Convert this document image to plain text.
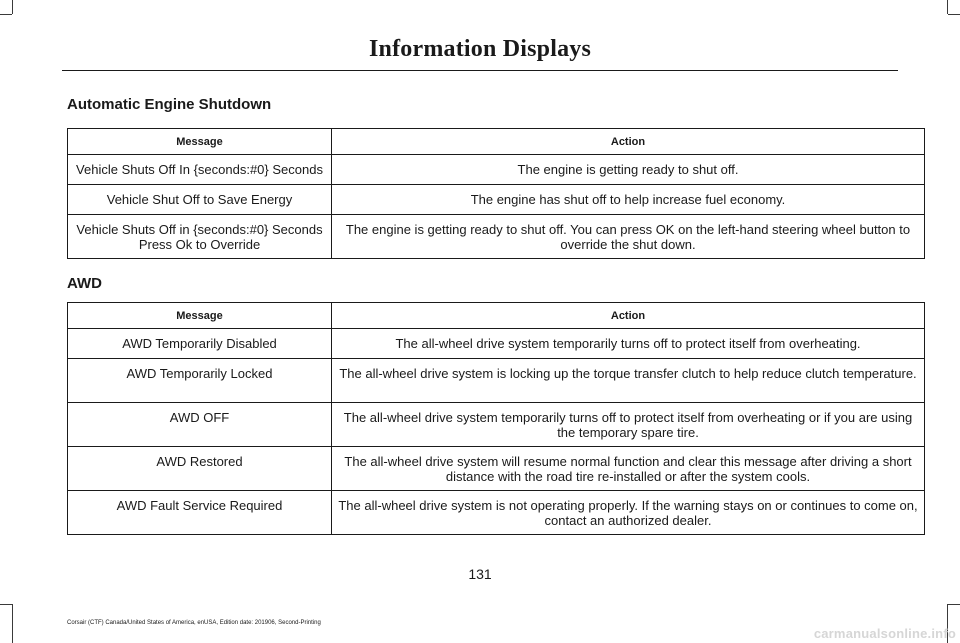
Information Displays
Automatic Engine Shutdown
Message	Action
Vehicle Shuts Off In {seconds:#0} Seconds	The engine is getting ready to shut off.
Vehicle Shut Off to Save Energy	The engine has shut off to help increase fuel economy.
Vehicle Shuts Off in {seconds:#0} Seconds Press Ok to Override	The engine is getting ready to shut off. You can press OK on the left-hand steering wheel button to override the shut down.
AWD
Message	Action
AWD Temporarily Disabled	The all-wheel drive system temporarily turns off to protect itself from overheating.
AWD Temporarily Locked	The all-wheel drive system is locking up the torque transfer clutch to help reduce clutch temperature.
AWD OFF	The all-wheel drive system temporarily turns off to protect itself from overheating or if you are using the temporary spare tire.
AWD Restored	The all-wheel drive system will resume normal function and clear this message after driving a short distance with the road tire re-installed or after the system cools.
AWD Fault Service Required	The all-wheel drive system is not operating properly. If the warning stays on or continues to come on, contact an authorized dealer.
131
Corsair (CTF) Canada/United States of America, enUSA, Edition date: 201906, Second-Printing
carmanualsonline.info
